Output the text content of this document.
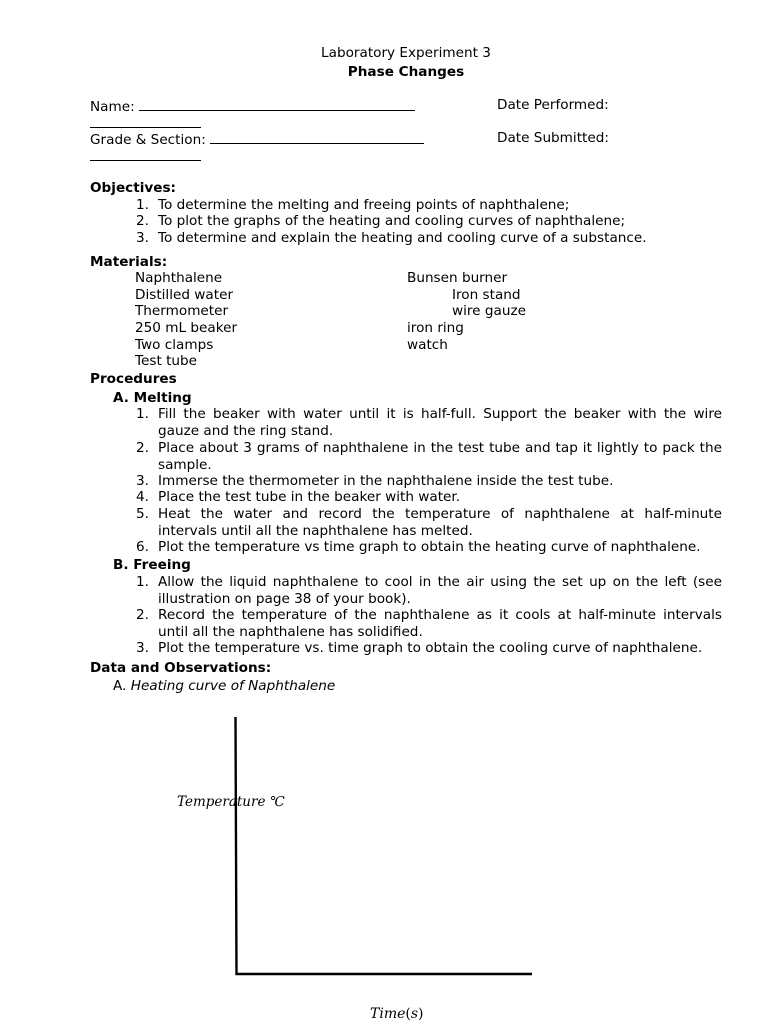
Laboratory Experiment 3
Phase Changes
Name:	Date Performed:
Grade & Section:	Date Submitted:
Objectives:
1. To determine the melting and freeing points of naphthalene;
2. To plot the graphs of the heating and cooling curves of naphthalene;
3. To determine and explain the heating and cooling curve of a substance.
Materials:
Naphthalene
Distilled water
Thermometer
250 mL beaker
Two clamps
Test tube
Bunsen burner
Iron stand
wire gauze
iron ring
watch
Procedures
A. Melting
1. Fill the beaker with water until it is half-full. Support the beaker with the wire gauze and the ring stand.
2. Place about 3 grams of naphthalene in the test tube and tap it lightly to pack the sample.
3. Immerse the thermometer in the naphthalene inside the test tube.
4. Place the test tube in the beaker with water.
5. Heat the water and record the temperature of naphthalene at half-minute intervals until all the naphthalene has melted.
6. Plot the temperature vs time graph to obtain the heating curve of naphthalene.
B. Freeing
1. Allow the liquid naphthalene to cool in the air using the set up on the left (see illustration on page 38 of your book).
2. Record the temperature of the naphthalene as it cools at half-minute intervals until all the naphthalene has solidified.
3. Plot the temperature vs. time graph to obtain the cooling curve of naphthalene.
Data and Observations:
A. Heating curve of Naphthalene
Temperature ℃
Time(s)
